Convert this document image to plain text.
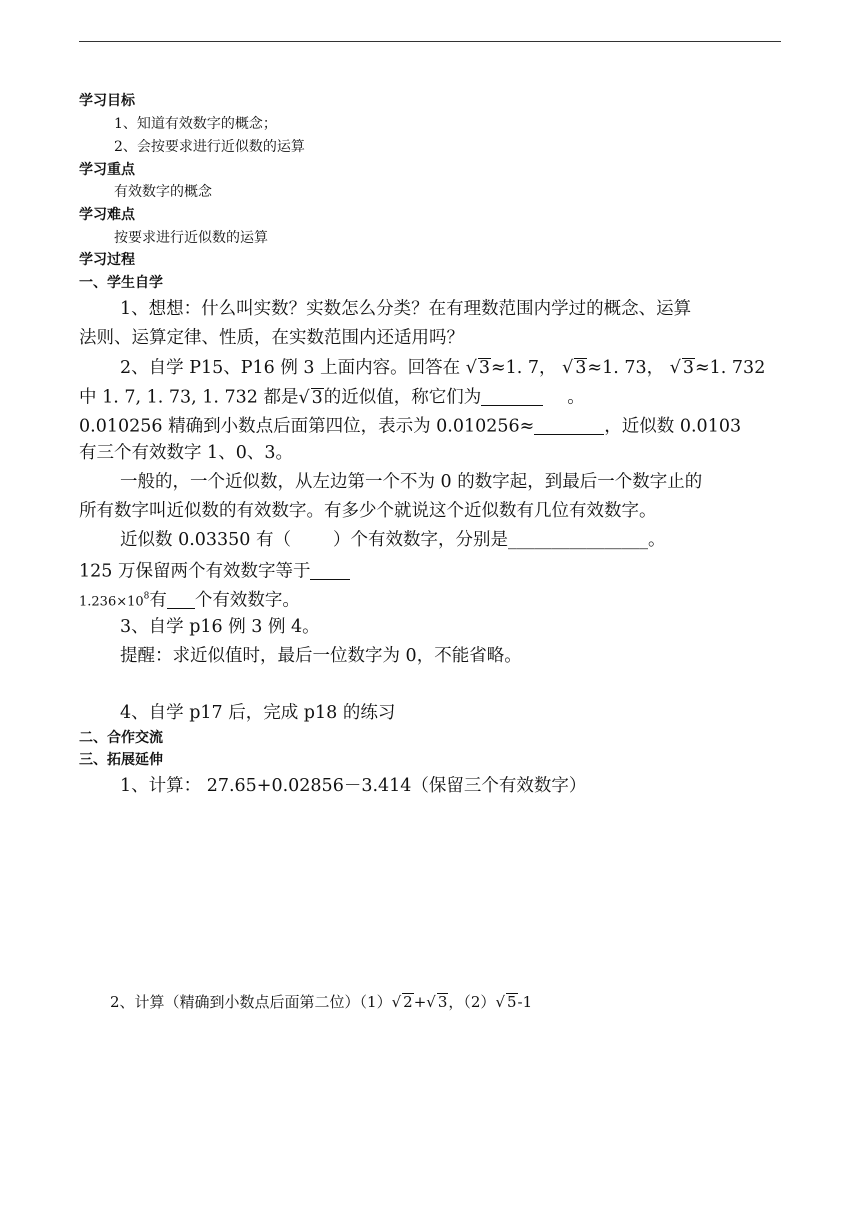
学习目标
1、知道有效数字的概念；
2、会按要求进行近似数的运算
学习重点
有效数字的概念
学习难点
按要求进行近似数的运算
学习过程
一、学生自学
1、想想：什么叫实数？实数怎么分类？在有理数范围内学过的概念、运算
法则、运算定律、性质，在实数范围内还适用吗？
2、自学 P15、P16 例 3 上面内容。回答在 √ 3≈1. 7， √ 3≈1. 73， √ 3≈1. 732
中 1. 7, 1. 73, 1. 732 都是√ 3的近似值，称它们为	。
0.010256 精确到小数点后面第四位，表示为 0.010256≈	，近似数 0.0103
有三个有效数字 1、0、3。
一般的，一个近似数，从左边第一个不为 0 的数字起，到最后一个数字止的
所有数字叫近似数的有效数字。有多少个就说这个近似数有几位有效数字。
近似数 0.03350 有（ ）个有效数字，分别是________________。
125 万保留两个有效数字等于
$1.236\times 10^8$有 个有效数字。
3、自学 p16 例 3 例 4。
提醒：求近似值时，最后一位数字为 0，不能省略。
4、自学 p17 后，完成 p18 的练习
二、合作交流
三、拓展延伸
1、计算： 27.65+0.02856－3.414（保留三个有效数字）
2、计算（精确到小数点后面第二位）（1）√ 2+√ 3，（2）√ 5-1
